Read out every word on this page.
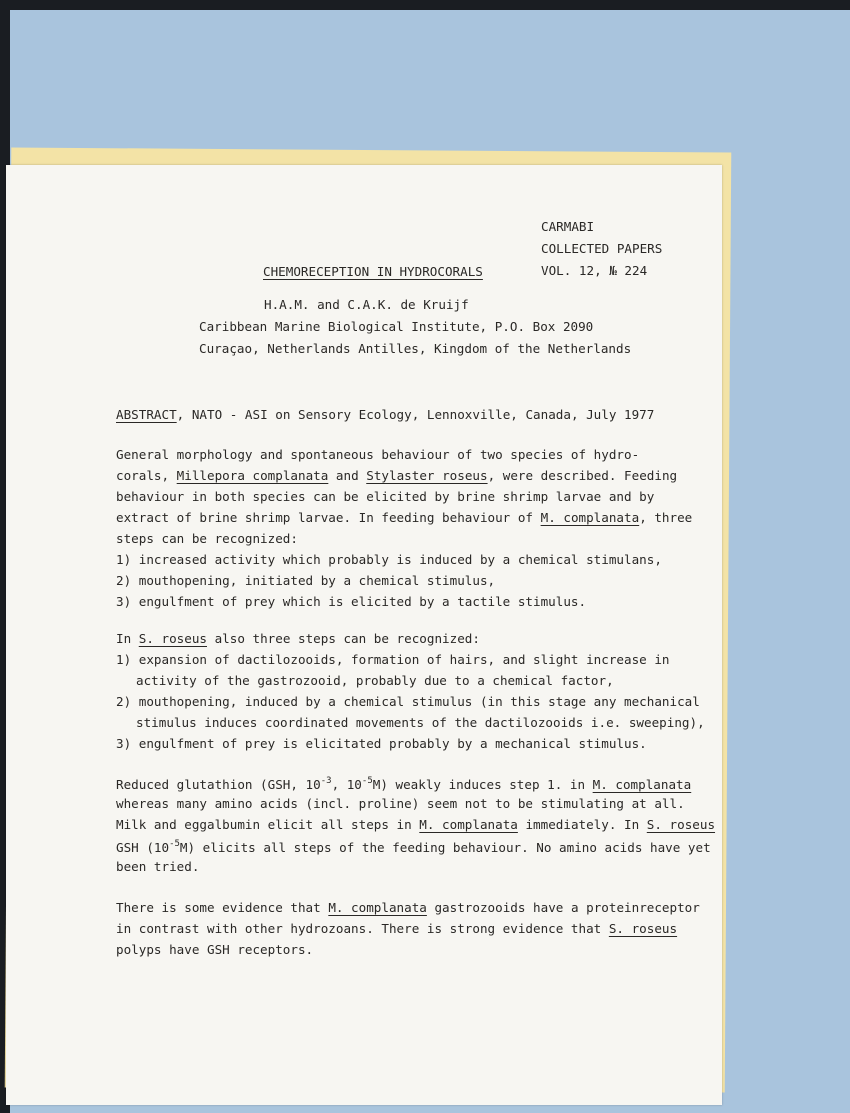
CARMABI
COLLECTED PAPERS
VOL. 12, № 224
CHEMORECEPTION IN HYDROCORALS
H.A.M. and C.A.K. de Kruijf
Caribbean Marine Biological Institute, P.O. Box 2090
Curaçao, Netherlands Antilles, Kingdom of the Netherlands
ABSTRACT, NATO - ASI on Sensory Ecology, Lennoxville, Canada, July 1977
General morphology and spontaneous behaviour of two species of hydro-
corals, Millepora complanata and Stylaster roseus, were described. Feeding
behaviour in both species can be elicited by brine shrimp larvae and by
extract of brine shrimp larvae. In feeding behaviour of M. complanata, three
steps can be recognized:
1) increased activity which probably is induced by a chemical stimulans,
2) mouthopening, initiated by a chemical stimulus,
3) engulfment of prey which is elicited by a tactile stimulus.
In S. roseus also three steps can be recognized:
1) expansion of dactilozooids, formation of hairs, and slight increase in
activity of the gastrozooid, probably due to a chemical factor,
2) mouthopening, induced by a chemical stimulus (in this stage any mechanical
stimulus induces coordinated movements of the dactilozooids i.e. sweeping),
3) engulfment of prey is elicitated probably by a mechanical stimulus.
Reduced glutathion (GSH, $10^{-3}$, $10^{-5}M$) weakly induces step 1. in M. complanata
whereas many amino acids (incl. proline) seem not to be stimulating at all.
Milk and eggalbumin elicit all steps in M. complanata immediately. In S. roseus
GSH $(10^{-5}M)$ elicits all steps of the feeding behaviour. No amino acids have yet
been tried.
There is some evidence that M. complanata gastrozooids have a proteinreceptor
in contrast with other hydrozoans. There is strong evidence that S. roseus
polyps have GSH receptors.
